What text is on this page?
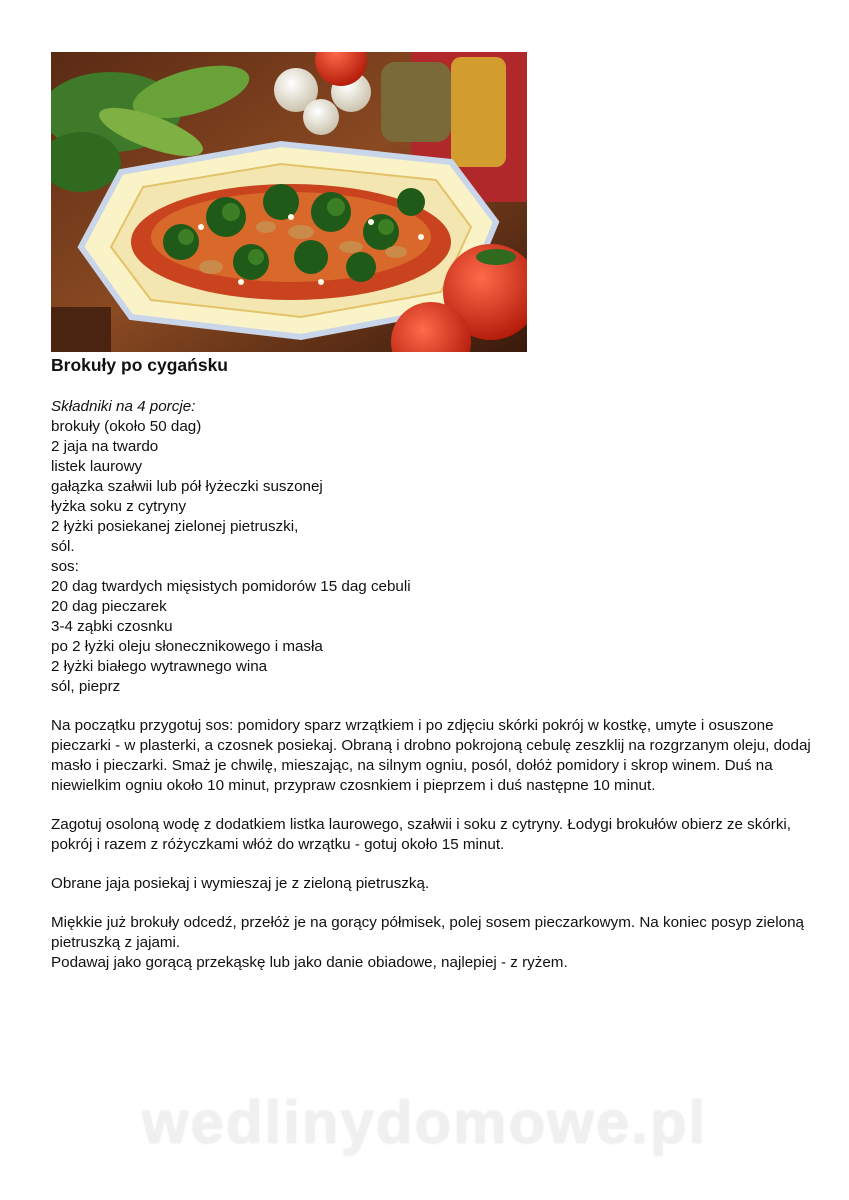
Brokuły po cygańsku
Składniki na 4 porcje:
brokuły (około 50 dag)
2 jaja na twardo
listek laurowy
gałązka szałwii lub pół łyżeczki suszonej
łyżka soku z cytryny
2 łyżki posiekanej zielonej pietruszki,
sól.
sos:
20 dag twardych mięsistych pomidorów 15 dag cebuli
20 dag pieczarek
3-4 ząbki czosnku
po 2 łyżki oleju słonecznikowego i masła
2 łyżki białego wytrawnego wina
sól, pieprz

Na początku przygotuj sos: pomidory sparz wrzątkiem i po zdjęciu skórki pokrój w kostkę, umyte i osuszone pieczarki - w plasterki, a czosnek posiekaj. Obraną i drobno pokrojoną cebulę zeszklij na rozgrzanym oleju, dodaj masło i pieczarki. Smaż je chwilę, mieszając, na silnym ogniu, posól, dołóż pomidory i skrop winem. Duś na niewielkim ogniu około 10 minut, przypraw czosnkiem i pieprzem i duś następne 10 minut.

Zagotuj osoloną wodę z dodatkiem listka laurowego, szałwii i soku z cytryny. Łodygi brokułów obierz ze skórki, pokrój i razem z różyczkami włóż do wrzątku - gotuj około 15 minut.

Obrane jaja posiekaj i wymieszaj je z zieloną pietruszką.

Miękkie już brokuły odcedź, przełóż je na gorący półmisek, polej sosem pieczarkowym. Na koniec posyp zieloną pietruszką z jajami.
Podawaj jako gorącą przekąskę lub jako danie obiadowe, najlepiej - z ryżem.

wedlinydomowe.pl
